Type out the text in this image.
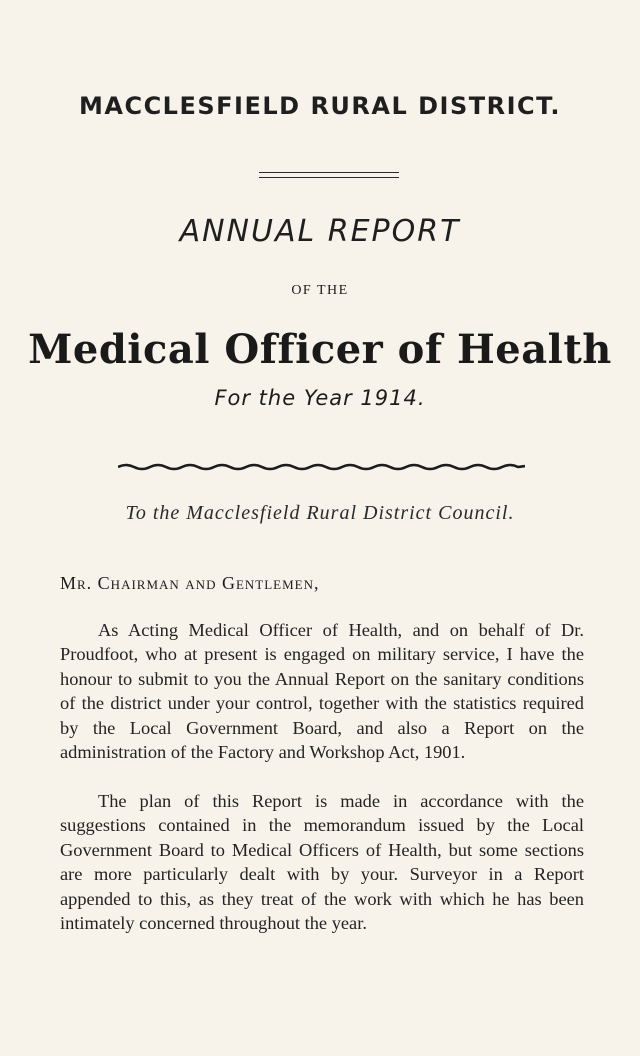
MACCLESFIELD RURAL DISTRICT.
ANNUAL REPORT
OF THE
Medical Officer of Health
For the Year 1914.
To the Macclesfield Rural District Council.
Mr. Chairman and Gentlemen,
As Acting Medical Officer of Health, and on behalf of Dr. Proudfoot, who at present is engaged on military service, I have the honour to submit to you the Annual Report on the sanitary conditions of the district under your control, together with the statistics required by the Local Government Board, and also a Report on the administration of the Factory and Workshop Act, 1901.
The plan of this Report is made in accordance with the suggestions contained in the memorandum issued by the Local Government Board to Medical Officers of Health, but some sections are more particularly dealt with by your. Surveyor in a Report appended to this, as they treat of the work with which he has been intimately concerned throughout the year.
